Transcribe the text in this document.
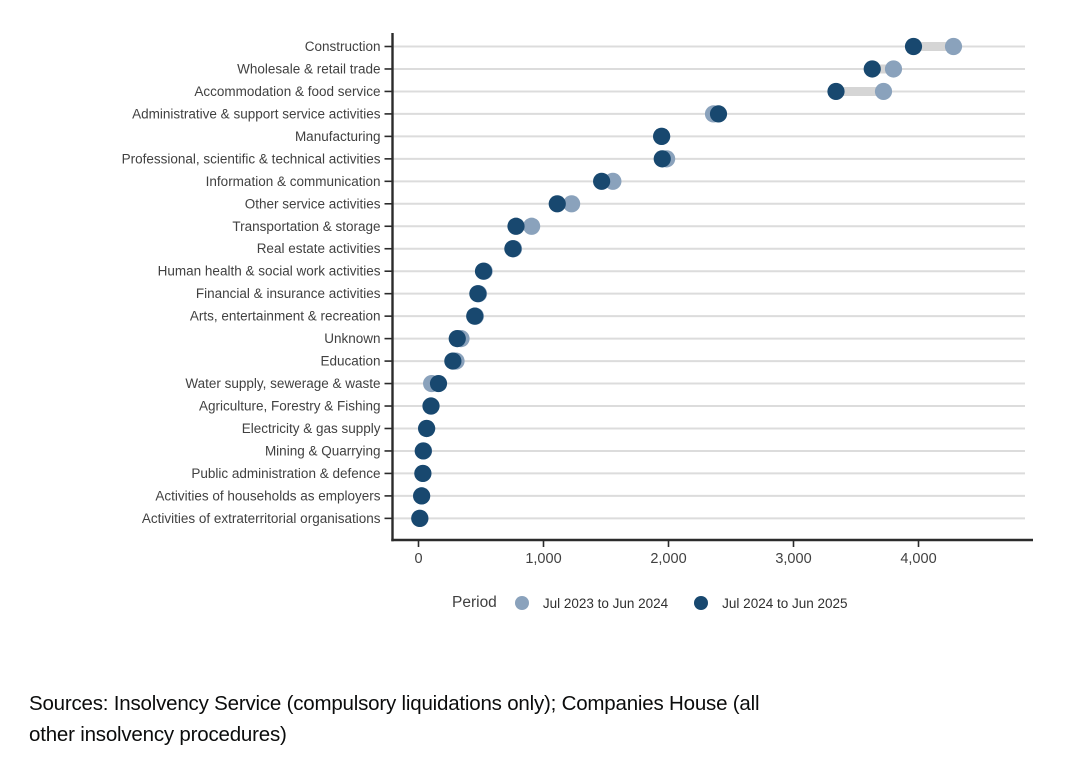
Construction
Wholesale & retail trade
Accommodation & food service
Administrative & support service activities
Manufacturing
Professional, scientific & technical activities
Information & communication
Other service activities
Transportation & storage
Real estate activities
Human health & social work activities
Financial & insurance activities
Arts, entertainment & recreation
Unknown
Education
Water supply, sewerage & waste
Agriculture, Forestry & Fishing
Electricity & gas supply
Mining & Quarrying
Public administration & defence
Activities of households as employers
Activities of extraterritorial organisations
0	1,000	2,000	3,000	4,000
Period	Jul 2023 to Jun 2024	Jul 2024 to Jun 2025
Sources: Insolvency Service (compulsory liquidations only); Companies House (all
other insolvency procedures)
